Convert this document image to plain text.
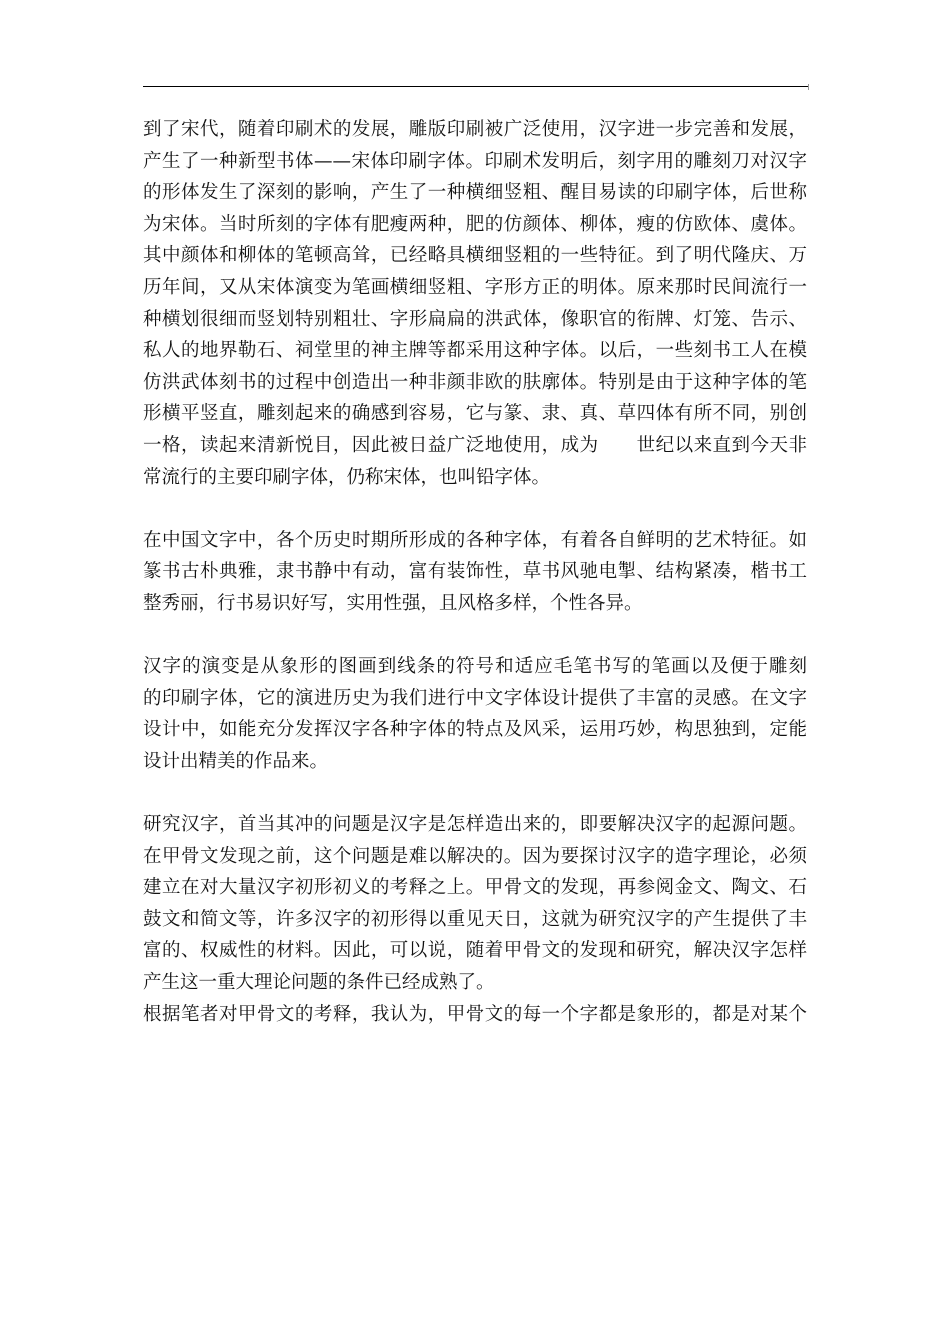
到了宋代，随着印刷术的发展，雕版印刷被广泛使用，汉字进一步完善和发展，
产生了一种新型书体——宋体印刷字体。印刷术发明后，刻字用的雕刻刀对汉字
的形体发生了深刻的影响，产生了一种横细竖粗、醒目易读的印刷字体，后世称
为宋体。当时所刻的字体有肥瘦两种，肥的仿颜体、柳体，瘦的仿欧体、虞体。
其中颜体和柳体的笔顿高耸，已经略具横细竖粗的一些特征。到了明代隆庆、万
历年间，又从宋体演变为笔画横细竖粗、字形方正的明体。原来那时民间流行一
种横划很细而竖划特别粗壮、字形扁扁的洪武体，像职官的衔牌、灯笼、告示、
私人的地界勒石、祠堂里的神主牌等都采用这种字体。以后，一些刻书工人在模
仿洪武体刻书的过程中创造出一种非颜非欧的肤廓体。特别是由于这种字体的笔
形横平竖直，雕刻起来的确感到容易，它与篆、隶、真、草四体有所不同，别创
一格，读起来清新悦目，因此被日益广泛地使用，成为　　世纪以来直到今天非
常流行的主要印刷字体，仍称宋体，也叫铅字体。
在中国文字中，各个历史时期所形成的各种字体，有着各自鲜明的艺术特征。如
篆书古朴典雅，隶书静中有动，富有装饰性，草书风驰电掣、结构紧凑，楷书工
整秀丽，行书易识好写，实用性强，且风格多样，个性各异。
汉字的演变是从象形的图画到线条的符号和适应毛笔书写的笔画以及便于雕刻
的印刷字体，它的演进历史为我们进行中文字体设计提供了丰富的灵感。在文字
设计中，如能充分发挥汉字各种字体的特点及风采，运用巧妙，构思独到，定能
设计出精美的作品来。
研究汉字，首当其冲的问题是汉字是怎样造出来的，即要解决汉字的起源问题。
在甲骨文发现之前，这个问题是难以解决的。因为要探讨汉字的造字理论，必须
建立在对大量汉字初形初义的考释之上。甲骨文的发现，再参阅金文、陶文、石
鼓文和简文等，许多汉字的初形得以重见天日，这就为研究汉字的产生提供了丰
富的、权威性的材料。因此，可以说，随着甲骨文的发现和研究，解决汉字怎样
产生这一重大理论问题的条件已经成熟了。
根据笔者对甲骨文的考释，我认为，甲骨文的每一个字都是象形的，都是对某个
